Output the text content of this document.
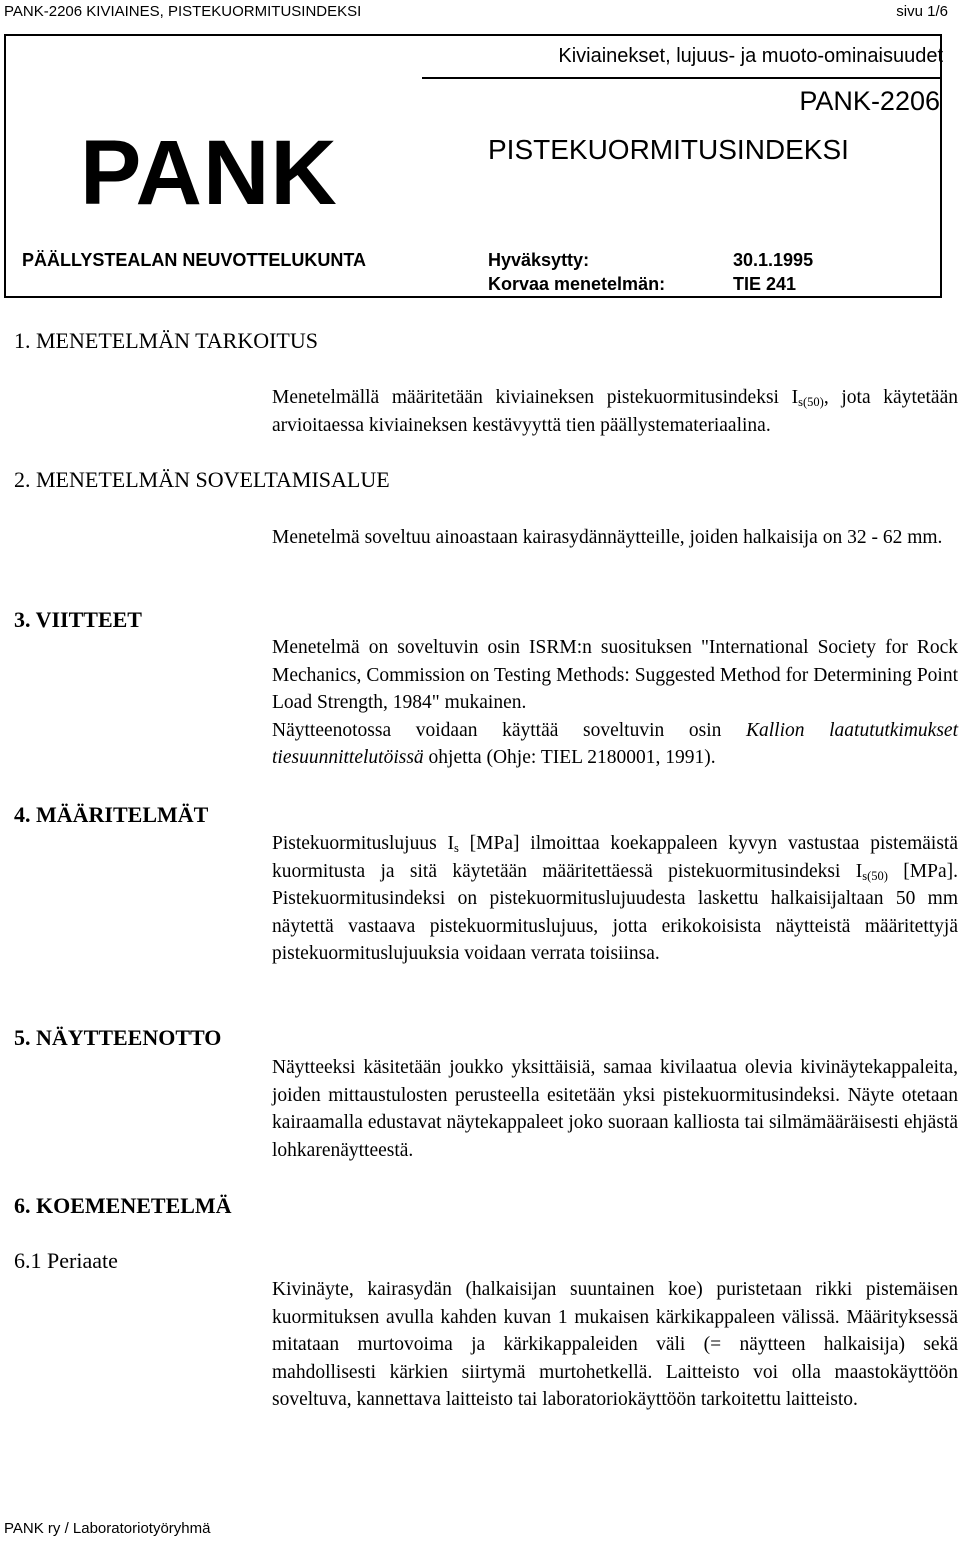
PANK-2206 KIVIAINES, PISTEKUORMITUSINDEKSI	sivu 1/6
Kiviainekset, lujuus- ja muoto-ominaisuudet
PANK-2206
PANK	PISTEKUORMITUSINDEKSI
PÄÄLLYSTEALAN NEUVOTTELUKUNTA	Hyväksytty:	30.1.1995
Korvaa menetelmän:	TIE 241
1. MENETELMÄN TARKOITUS
Menetelmällä määritetään kiviaineksen pistekuormitusindeksi $I_{s(50)}$, jota käytetään arvioitaessa kiviaineksen kestävyyttä tien päällystemateriaalina.
2. MENETELMÄN SOVELTAMISALUE
Menetelmä soveltuu ainoastaan kairasydännäytteille, joiden halkaisija on 32 - 62 mm.
3. VIITTEET
Menetelmä on soveltuvin osin ISRM:n suosituksen "International Society for Rock Mechanics, Commission on Testing Methods: Suggested Method for Determining Point Load Strength, 1984" mukainen.
Näytteenotossa voidaan käyttää soveltuvin osin Kallion laatututkimukset tiesuunnittelutöissä ohjetta (Ohje: TIEL 2180001, 1991).
4. MÄÄRITELMÄT
Pistekuormituslujuus $I_s$ [MPa] ilmoittaa koekappaleen kyvyn vastustaa pistemäistä kuormitusta ja sitä käytetään määritettäessä pistekuormitusindeksi $I_{s(50)}$ [MPa]. Pistekuormitusindeksi on pistekuormituslujuudesta laskettu halkaisijaltaan 50 mm näytettä vastaava pistekuormituslujuus, jotta erikokoisista näytteistä määritettyjä pistekuormituslujuuksia voidaan verrata toisiinsa.
5. NÄYTTEENOTTO
Näytteeksi käsitetään joukko yksittäisiä, samaa kivilaatua olevia kivinäytekappaleita, joiden mittaustulosten perusteella esitetään yksi pistekuormitusindeksi. Näyte otetaan kairaamalla edustavat näytekappaleet joko suoraan kalliosta tai silmämääräisesti ehjästä lohkarenäytteestä.
6. KOEMENETELMÄ
6.1 Periaate
Kivinäyte, kairasydän (halkaisijan suuntainen koe) puristetaan rikki pistemäisen kuormituksen avulla kahden kuvan 1 mukaisen kärkikappaleen välissä. Määrityksessä mitataan murtovoima ja kärkikappaleiden väli (= näytteen halkaisija) sekä mahdollisesti kärkien siirtymä murtohetkellä. Laitteisto voi olla maastokäyttöön soveltuva, kannettava laitteisto tai laboratoriokäyttöön tarkoitettu laitteisto.
PANK ry / Laboratoriotyöryhmä
